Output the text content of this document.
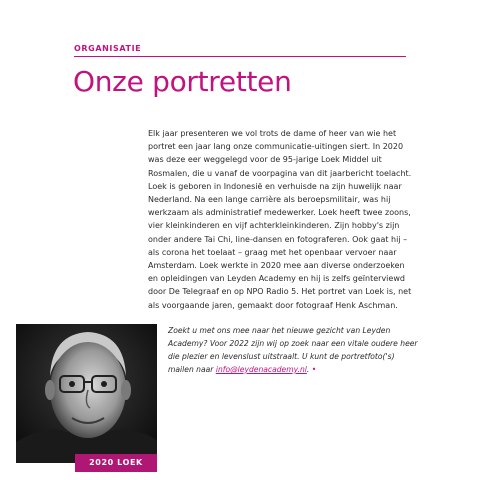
ORGANISATIE
Onze portretten

Elk jaar presenteren we vol trots de dame of heer van wie het portret een jaar lang onze communicatie-uitingen siert. In 2020 was deze eer weggelegd voor de 95-jarige Loek Middel uit Rosmalen, die u vanaf de voorpagina van dit jaarbericht toelacht. Loek is geboren in Indonesië en verhuisde na zijn huwelijk naar Nederland. Na een lange carrière als beroepsmilitair, was hij werkzaam als administratief medewerker. Loek heeft twee zoons, vier kleinkinderen en vijf achterkleinkinderen. Zijn hobby's zijn onder andere Tai Chi, line-dansen en fotograferen. Ook gaat hij – als corona het toelaat – graag met het openbaar vervoer naar Amsterdam. Loek werkte in 2020 mee aan diverse onderzoeken en opleidingen van Leyden Academy en hij is zelfs geïnterviewd door De Telegraaf en op NPO Radio 5. Het portret van Loek is, net als voorgaande jaren, gemaakt door fotograaf Henk Aschman.

2020 LOEK

Zoekt u met ons mee naar het nieuwe gezicht van Leyden Academy? Voor 2022 zijn wij op zoek naar een vitale oudere heer die plezier en levenslust uitstraalt. U kunt de portretfoto('s) mailen naar info@leydenacademy.nl. •
